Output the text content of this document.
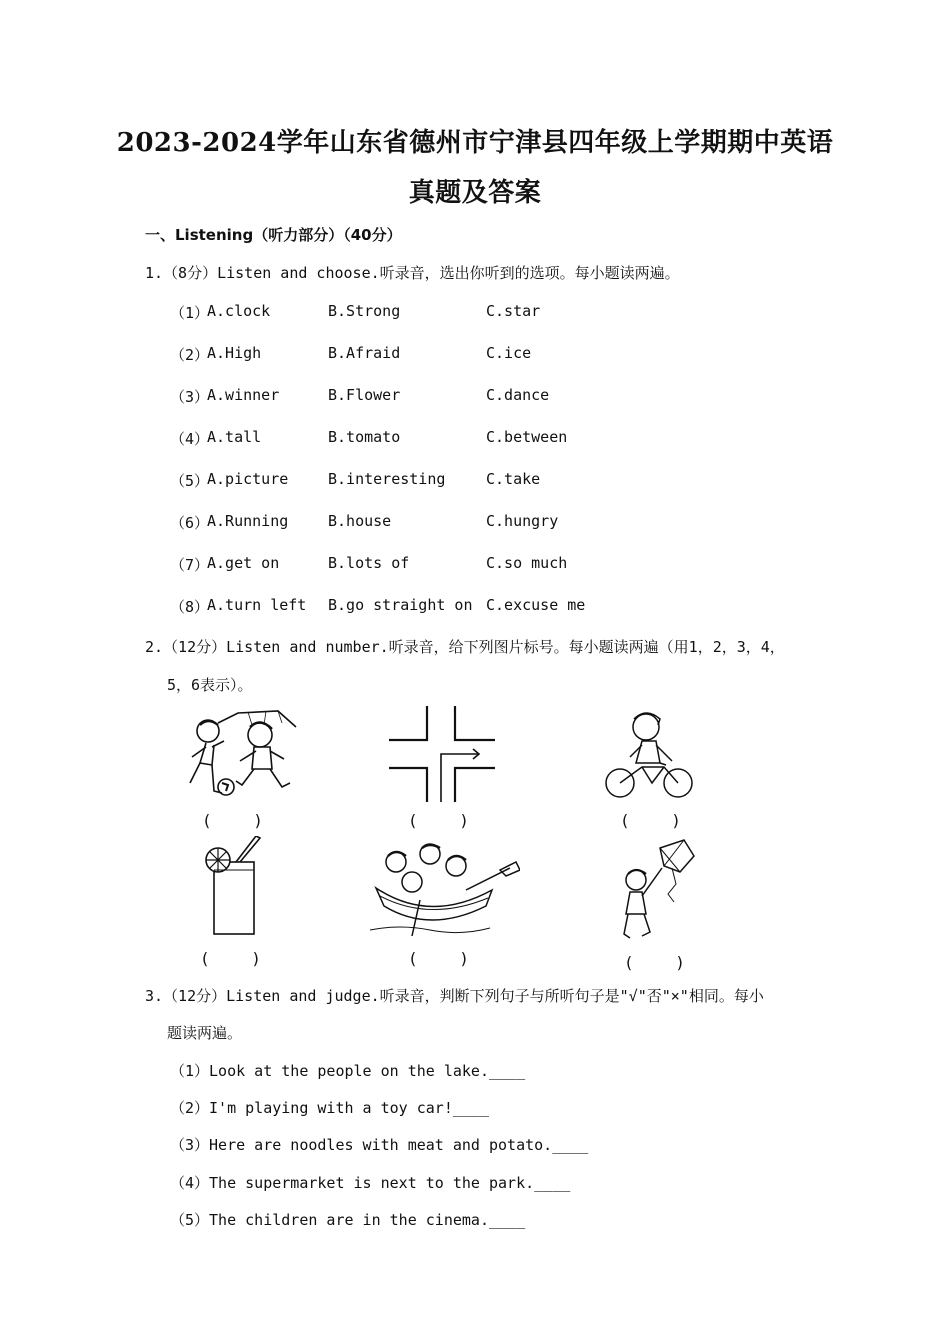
2023-2024学年山东省德州市宁津县四年级上学期期中英语
真题及答案
一、Listening（听力部分）（40分）
1.（8分）Listen and choose.听录音，选出你听到的选项。每小题读两遍。
（1）
A.clock	B.Strong	C.star
（2）
A.High	B.Afraid	C.ice
（3）
A.winner	B.Flower	C.dance
（4）
A.tall	B.tomato	C.between
（5）
A.picture	B.interesting	C.take
（6）
A.Running	B.house	C.hungry
（7）
A.get on	B.lots of	C.so much
（8）
A.turn left B.go straight on C.excuse me
2.（12分）Listen and number.听录音，给下列图片标号。每小题读两遍（用1，2，3，4，
5，6表示）。
(　 　)	(　 　)	(　 　)
(　 　)	(　 　)	(　 　)
3.（12分）Listen and judge.听录音，判断下列句子与所听句子是"√"否"×"相同。每小
题读两遍。
（1）Look at the people on the lake.____
（2）I'm playing with a toy car!____
（3）Here are noodles with meat and potato.____
（4）The supermarket is next to the park.____
（5）The children are in the cinema.____
